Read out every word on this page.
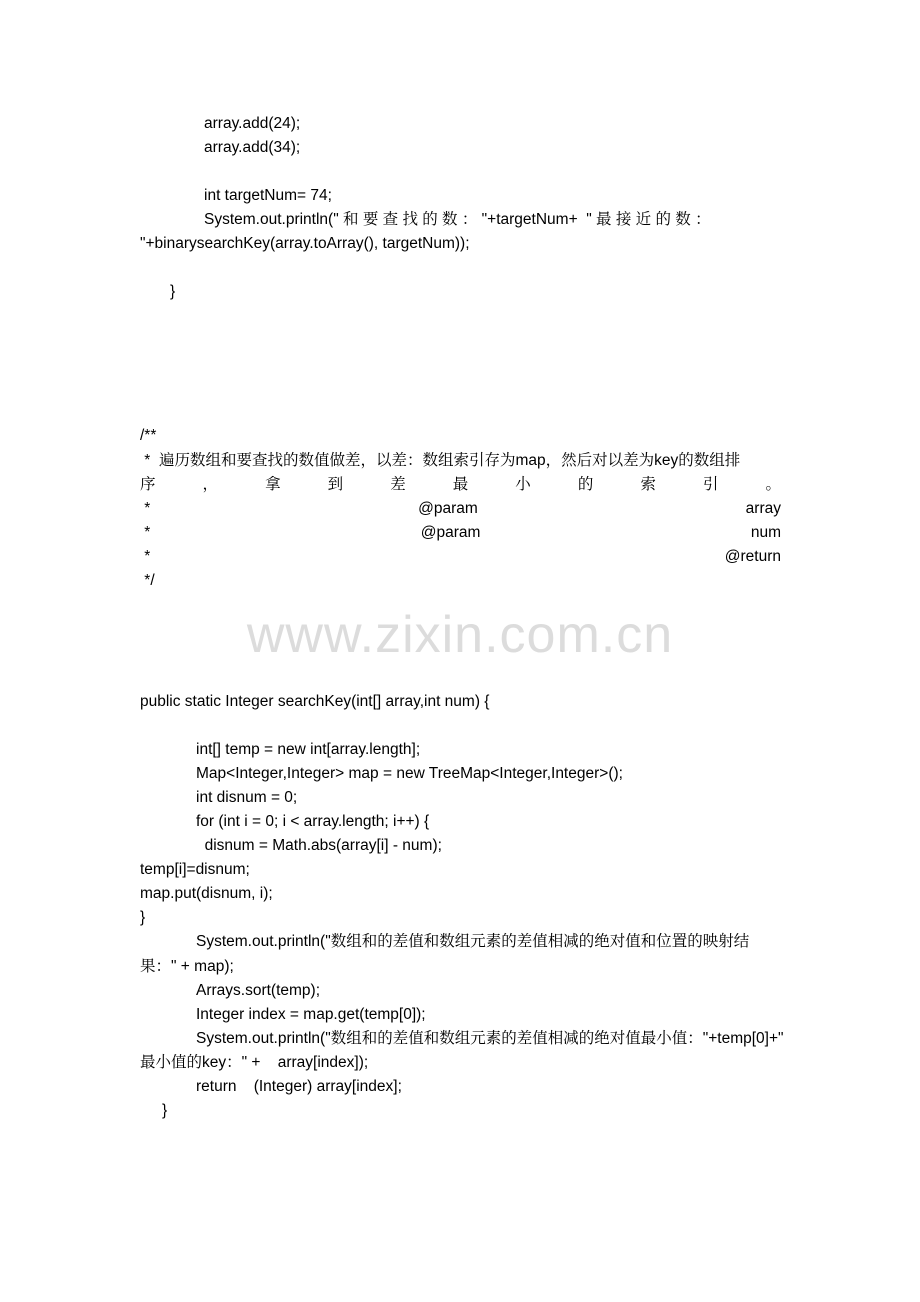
array.add(24);
array.add(34);
int targetNum= 74;
System.out.println(" 和 要 查 找 的 数 ： "+targetNum+  " 最 接 近 的 数 ：
"+binarysearchKey(array.toArray(), targetNum));
}
/**
*  遍历数组和要查找的数值做差，以差：数组索引存为map，然后对以差为key的数组排
序	，	拿	到	差	最	小	的	索	引	。
*	@param	array
*	@param	num
*	@return
*/
www.zixin.com.cn
public static Integer searchKey(int[] array,int num) {
int[] temp = new int[array.length];
Map<Integer,Integer> map = new TreeMap<Integer,Integer>();
int disnum = 0;
for (int i = 0; i < array.length; i++) {
disnum = Math.abs(array[i] - num);
temp[i]=disnum;
map.put(disnum, i);
}
System.out.println("数组和的差值和数组元素的差值相减的绝对值和位置的映射结
果：" + map);
Arrays.sort(temp);
Integer index = map.get(temp[0]);
System.out.println("数组和的差值和数组元素的差值相减的绝对值最小值："+temp[0]+"
最小值的key：" +    array[index]);
return    (Integer) array[index];
}
